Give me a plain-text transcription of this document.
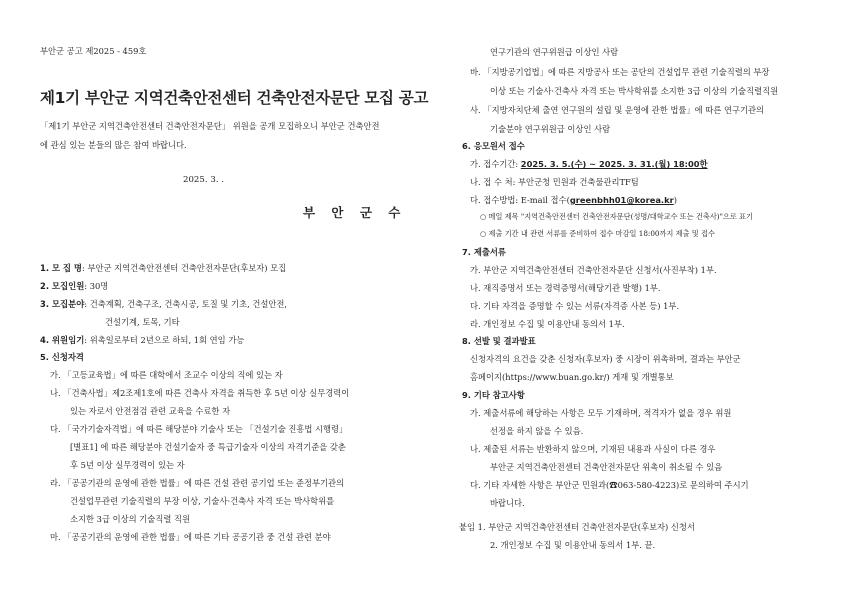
부안군 공고 제2025 - 459호
제1기 부안군 지역건축안전센터 건축안전자문단 모집 공고
「제1기 부안군 지역건축안전센터 건축안전자문단」 위원을 공개 모집하오니 부안군 건축안전에 관심 있는 분들의 많은 참여 바랍니다.
2025. 3. .
부 안 군 수
1. 모 집 명: 부안군 지역건축안전센터 건축안전자문단(후보자) 모집
2. 모집인원: 30명
3. 모집분야: 건축계획, 건축구조, 건축시공, 토질 및 기초, 건설안전,
건설기계, 토목, 기타
4. 위원임기: 위촉일로부터 2년으로 하되, 1회 연임 가능
5. 신청자격
가. 「고등교육법」에 따른 대학에서 조교수 이상의 직에 있는 자
나. 「건축사법」제2조제1호에 따른 건축사 자격을 취득한 후 5년 이상 실무경력이
있는 자로서 안전점검 관련 교육을 수료한 자
다. 「국가기술자격법」에 따른 해당분야 기술사 또는 「건설기술 진흥법 시행령」
[별표1] 에 따른 해당분야 건설기술자 중 특급기술자 이상의 자격기준을 갖춘
후 5년 이상 실무경력이 있는 자
라. 「공공기관의 운영에 관한 법률」에 따른 건설 관련 공기업 또는 준정부기관의
건설업무관련 기술직렬의 부장 이상, 기술사·건축사 자격 또는 박사학위를
소지한 3급 이상의 기술직렬 직원
마. 「공공기관의 운영에 관한 법률」에 따른 기타 공공기관 중 건설 관련 분야
연구기관의 연구위원급 이상인 사람
바. 「지방공기업법」에 따른 지방공사 또는 공단의 건설업무 관련 기술직렬의 부장
이상 또는 기술사·건축사 자격 또는 박사학위를 소지한 3급 이상의 기술직렬직원
사. 「지방자치단체 출연 연구원의 설립 및 운영에 관한 법률」에 따른 연구기관의
기술분야 연구위원급 이상인 사람
6. 응모원서 접수
가. 접수기간: 2025. 3. 5.(수) ~ 2025. 3. 31.(월) 18:00한
나. 접 수 처: 부안군청 민원과 건축물관리TF팀
다. 접수방법: E-mail 접수(greenbhh01@korea.kr)
○ 메일 제목 "지역건축안전센터 건축안전자문단(성명/대학교수 또는 건축사)"으로 표기
○ 제출 기간 내 관련 서류를 준비하여 접수 마감일 18:00까지 제출 및 접수
7. 제출서류
가. 부안군 지역건축안전센터 건축안전자문단 신청서(사진부착) 1부.
나. 재직증명서 또는 경력증명서(해당기관 발행) 1부.
다. 기타 자격을 증명할 수 있는 서류(자격증 사본 등) 1부.
라. 개인정보 수집 및 이용안내 동의서 1부.
8. 선발 및 결과발표
신청자격의 요건을 갖춘 신청자(후보자) 중 시장이 위촉하며, 결과는 부안군
홈페이지(https://www.buan.go.kr/) 게재 및 개별통보
9. 기타 참고사항
가. 제출서류에 해당하는 사항은 모두 기재하며, 적격자가 없을 경우 위원
선정을 하지 않을 수 있음.
나. 제출된 서류는 반환하지 않으며, 기재된 내용과 사실이 다른 경우
부안군 지역건축안전센터 건축안전자문단 위촉이 취소될 수 있음
다. 기타 자세한 사항은 부안군 민원과(☎063-580-4223)로 문의하여 주시기
바랍니다.
붙임 1. 부안군 지역건축안전센터 건축안전자문단(후보자) 신청서
2. 개인정보 수집 및 이용안내 동의서 1부. 끝.
